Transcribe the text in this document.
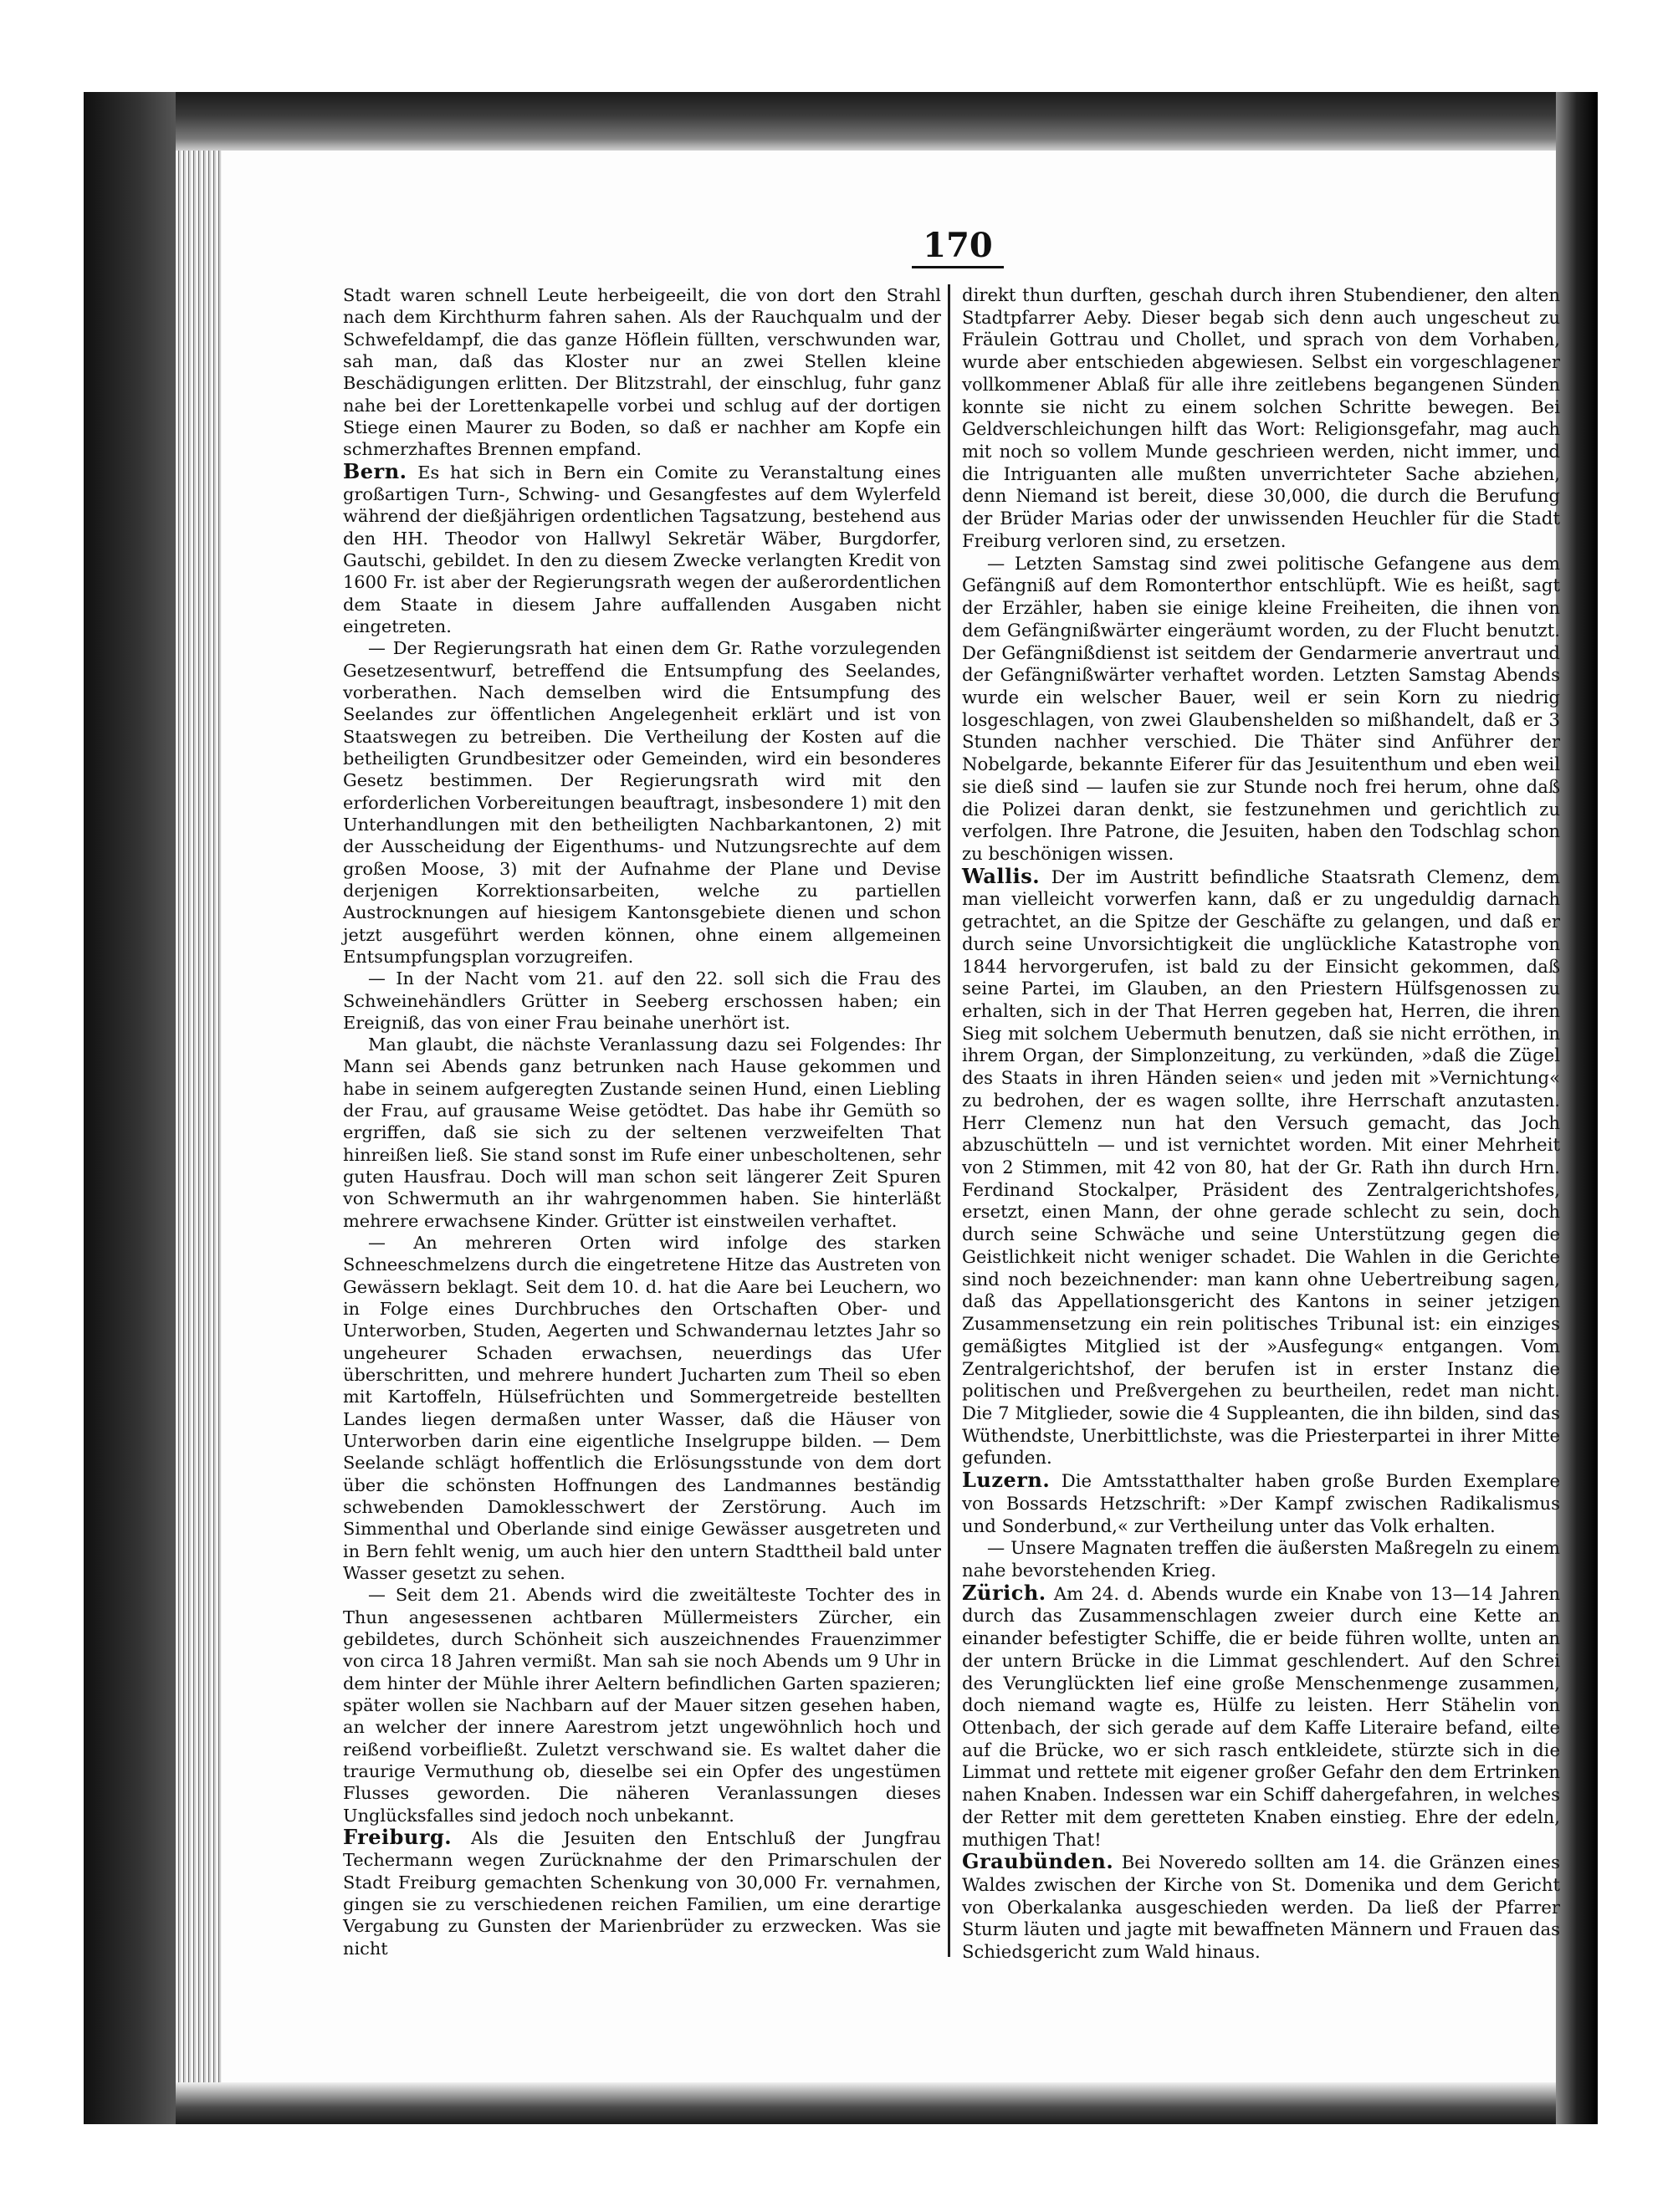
170

Stadt waren schnell Leute herbeigeeilt, die von dort den Strahl nach dem Kirchthurm fahren sahen. Als der Rauchqualm und der Schwefeldampf, die das ganze Höflein füllten, verschwunden war, sah man, daß das Kloster nur an zwei Stellen kleine Beschädigungen erlitten. Der Blitzstrahl, der einschlug, fuhr ganz nahe bei der Lorettenkapelle vorbei und schlug auf der dortigen Stiege einen Maurer zu Boden, so daß er nachher am Kopfe ein schmerzhaftes Brennen empfand.

Bern. Es hat sich in Bern ein Comite zu Veranstaltung eines großartigen Turn-, Schwing- und Gesangfestes auf dem Wylerfeld während der dießjährigen ordentlichen Tagsatzung, bestehend aus den HH. Theodor von Hallwyl Sekretär Wäber, Burgdorfer, Gautschi, gebildet. In den zu diesem Zwecke verlangten Kredit von 1600 Fr. ist aber der Regierungsrath wegen der außerordentlichen dem Staate in diesem Jahre auffallenden Ausgaben nicht eingetreten.

— Der Regierungsrath hat einen dem Gr. Rathe vorzulegenden Gesetzesentwurf, betreffend die Entsumpfung des Seelandes, vorberathen. Nach demselben wird die Entsumpfung des Seelandes zur öffentlichen Angelegenheit erklärt und ist von Staatswegen zu betreiben. Die Vertheilung der Kosten auf die betheiligten Grundbesitzer oder Gemeinden, wird ein besonderes Gesetz bestimmen. Der Regierungsrath wird mit den erforderlichen Vorbereitungen beauftragt, insbesondere 1) mit den Unterhandlungen mit den betheiligten Nachbarkantonen, 2) mit der Ausscheidung der Eigenthums- und Nutzungsrechte auf dem großen Moose, 3) mit der Aufnahme der Plane und Devise derjenigen Korrektionsarbeiten, welche zu partiellen Austrocknungen auf hiesigem Kantonsgebiete dienen und schon jetzt ausgeführt werden können, ohne einem allgemeinen Entsumpfungsplan vorzugreifen.

— In der Nacht vom 21. auf den 22. soll sich die Frau des Schweinehändlers Grütter in Seeberg erschossen haben; ein Ereigniß, das von einer Frau beinahe unerhört ist.

Man glaubt, die nächste Veranlassung dazu sei Folgendes: Ihr Mann sei Abends ganz betrunken nach Hause gekommen und habe in seinem aufgeregten Zustande seinen Hund, einen Liebling der Frau, auf grausame Weise getödtet. Das habe ihr Gemüth so ergriffen, daß sie sich zu der seltenen verzweifelten That hinreißen ließ. Sie stand sonst im Rufe einer unbescholtenen, sehr guten Hausfrau. Doch will man schon seit längerer Zeit Spuren von Schwermuth an ihr wahrgenommen haben. Sie hinterläßt mehrere erwachsene Kinder. Grütter ist einstweilen verhaftet.

— An mehreren Orten wird infolge des starken Schneeschmelzens durch die eingetretene Hitze das Austreten von Gewässern beklagt. Seit dem 10. d. hat die Aare bei Leuchern, wo in Folge eines Durchbruches den Ortschaften Ober- und Unterworben, Studen, Aegerten und Schwandernau letztes Jahr so ungeheurer Schaden erwachsen, neuerdings das Ufer überschritten, und mehrere hundert Jucharten zum Theil so eben mit Kartoffeln, Hülsefrüchten und Sommergetreide bestellten Landes liegen dermaßen unter Wasser, daß die Häuser von Unterworben darin eine eigentliche Inselgruppe bilden. — Dem Seelande schlägt hoffentlich die Erlösungsstunde von dem dort über die schönsten Hoffnungen des Landmannes beständig schwebenden Damoklesschwert der Zerstörung. Auch im Simmenthal und Oberlande sind einige Gewässer ausgetreten und in Bern fehlt wenig, um auch hier den untern Stadttheil bald unter Wasser gesetzt zu sehen.

— Seit dem 21. Abends wird die zweitälteste Tochter des in Thun angesessenen achtbaren Müllermeisters Zürcher, ein gebildetes, durch Schönheit sich auszeichnendes Frauenzimmer von circa 18 Jahren vermißt. Man sah sie noch Abends um 9 Uhr in dem hinter der Mühle ihrer Aeltern befindlichen Garten spazieren; später wollen sie Nachbarn auf der Mauer sitzen gesehen haben, an welcher der innere Aarestrom jetzt ungewöhnlich hoch und reißend vorbeifließt. Zuletzt verschwand sie. Es waltet daher die traurige Vermuthung ob, dieselbe sei ein Opfer des ungestümen Flusses geworden. Die näheren Veranlassungen dieses Unglücksfalles sind jedoch noch unbekannt.

Freiburg. Als die Jesuiten den Entschluß der Jungfrau Techermann wegen Zurücknahme der den Primarschulen der Stadt Freiburg gemachten Schenkung von 30,000 Fr. vernahmen, gingen sie zu verschiedenen reichen Familien, um eine derartige Vergabung zu Gunsten der Marienbrüder zu erzwecken. Was sie nicht

direkt thun durften, geschah durch ihren Stubendiener, den alten Stadtpfarrer Aeby. Dieser begab sich denn auch ungescheut zu Fräulein Gottrau und Chollet, und sprach von dem Vorhaben, wurde aber entschieden abgewiesen. Selbst ein vorgeschlagener vollkommener Ablaß für alle ihre zeitlebens begangenen Sünden konnte sie nicht zu einem solchen Schritte bewegen. Bei Geldverschleichungen hilft das Wort: Religionsgefahr, mag auch mit noch so vollem Munde geschrieen werden, nicht immer, und die Intriguanten alle mußten unverrichteter Sache abziehen, denn Niemand ist bereit, diese 30,000, die durch die Berufung der Brüder Marias oder der unwissenden Heuchler für die Stadt Freiburg verloren sind, zu ersetzen.

— Letzten Samstag sind zwei politische Gefangene aus dem Gefängniß auf dem Romonterthor entschlüpft. Wie es heißt, sagt der Erzähler, haben sie einige kleine Freiheiten, die ihnen von dem Gefängnißwärter eingeräumt worden, zu der Flucht benutzt. Der Gefängnißdienst ist seitdem der Gendarmerie anvertraut und der Gefängnißwärter verhaftet worden. Letzten Samstag Abends wurde ein welscher Bauer, weil er sein Korn zu niedrig losgeschlagen, von zwei Glaubenshelden so mißhandelt, daß er 3 Stunden nachher verschied. Die Thäter sind Anführer der Nobelgarde, bekannte Eiferer für das Jesuitenthum und eben weil sie dieß sind — laufen sie zur Stunde noch frei herum, ohne daß die Polizei daran denkt, sie festzunehmen und gerichtlich zu verfolgen. Ihre Patrone, die Jesuiten, haben den Todschlag schon zu beschönigen wissen.

Wallis. Der im Austritt befindliche Staatsrath Clemenz, dem man vielleicht vorwerfen kann, daß er zu ungeduldig darnach getrachtet, an die Spitze der Geschäfte zu gelangen, und daß er durch seine Unvorsichtigkeit die unglückliche Katastrophe von 1844 hervorgerufen, ist bald zu der Einsicht gekommen, daß seine Partei, im Glauben, an den Priestern Hülfsgenossen zu erhalten, sich in der That Herren gegeben hat, Herren, die ihren Sieg mit solchem Uebermuth benutzen, daß sie nicht erröthen, in ihrem Organ, der Simplonzeitung, zu verkünden, »daß die Zügel des Staats in ihren Händen seien« und jeden mit »Vernichtung« zu bedrohen, der es wagen sollte, ihre Herrschaft anzutasten. Herr Clemenz nun hat den Versuch gemacht, das Joch abzuschütteln — und ist vernichtet worden. Mit einer Mehrheit von 2 Stimmen, mit 42 von 80, hat der Gr. Rath ihn durch Hrn. Ferdinand Stockalper, Präsident des Zentralgerichtshofes, ersetzt, einen Mann, der ohne gerade schlecht zu sein, doch durch seine Schwäche und seine Unterstützung gegen die Geistlichkeit nicht weniger schadet. Die Wahlen in die Gerichte sind noch bezeichnender: man kann ohne Uebertreibung sagen, daß das Appellationsgericht des Kantons in seiner jetzigen Zusammensetzung ein rein politisches Tribunal ist: ein einziges gemäßigtes Mitglied ist der »Ausfegung« entgangen. Vom Zentralgerichtshof, der berufen ist in erster Instanz die politischen und Preßvergehen zu beurtheilen, redet man nicht. Die 7 Mitglieder, sowie die 4 Suppleanten, die ihn bilden, sind das Wüthendste, Unerbittlichste, was die Priesterpartei in ihrer Mitte gefunden.

Luzern. Die Amtsstatthalter haben große Burden Exemplare von Bossards Hetzschrift: »Der Kampf zwischen Radikalismus und Sonderbund,« zur Vertheilung unter das Volk erhalten.

— Unsere Magnaten treffen die äußersten Maßregeln zu einem nahe bevorstehenden Krieg.

Zürich. Am 24. d. Abends wurde ein Knabe von 13—14 Jahren durch das Zusammenschlagen zweier durch eine Kette an einander befestigter Schiffe, die er beide führen wollte, unten an der untern Brücke in die Limmat geschlendert. Auf den Schrei des Verunglückten lief eine große Menschenmenge zusammen, doch niemand wagte es, Hülfe zu leisten. Herr Stähelin von Ottenbach, der sich gerade auf dem Kaffe Literaire befand, eilte auf die Brücke, wo er sich rasch entkleidete, stürzte sich in die Limmat und rettete mit eigener großer Gefahr den dem Ertrinken nahen Knaben. Indessen war ein Schiff dahergefahren, in welches der Retter mit dem geretteten Knaben einstieg. Ehre der edeln, muthigen That!

Graubünden. Bei Noveredo sollten am 14. die Gränzen eines Waldes zwischen der Kirche von St. Domenika und dem Gericht von Oberkalanka ausgeschieden werden. Da ließ der Pfarrer Sturm läuten und jagte mit bewaffneten Männern und Frauen das Schiedsgericht zum Wald hinaus.
